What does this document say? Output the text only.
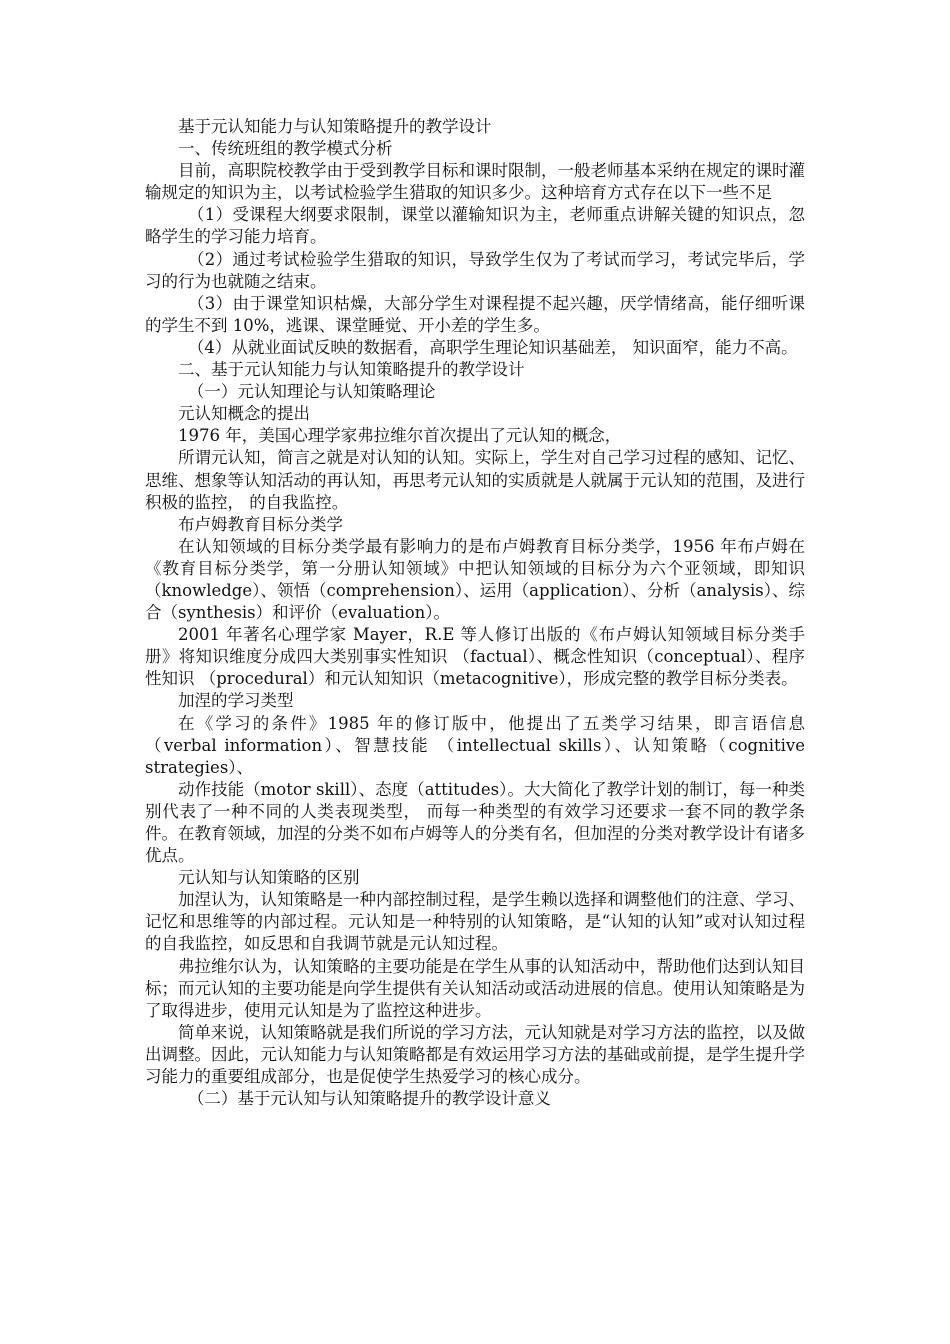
基于元认知能力与认知策略提升的教学设计

一、传统班组的教学模式分析

目前，高职院校教学由于受到教学目标和课时限制，一般老师基本采纳在规定的课时灌输规定的知识为主，以考试检验学生猎取的知识多少。这种培育方式存在以下一些不足

（1）受课程大纲要求限制，课堂以灌输知识为主，老师重点讲解关键的知识点，忽略学生的学习能力培育。

（2）通过考试检验学生猎取的知识，导致学生仅为了考试而学习，考试完毕后，学习的行为也就随之结束。

（3）由于课堂知识枯燥，大部分学生对课程提不起兴趣，厌学情绪高，能仔细听课的学生不到 10%，逃课、课堂睡觉、开小差的学生多。

（4）从就业面试反映的数据看，高职学生理论知识基础差， 知识面窄，能力不高。

二、基于元认知能力与认知策略提升的教学设计

（一）元认知理论与认知策略理论

元认知概念的提出

1976 年，美国心理学家弗拉维尔首次提出了元认知的概念，

所谓元认知，简言之就是对认知的认知。实际上，学生对自己学习过程的感知、记忆、思维、想象等认知活动的再认知，再思考元认知的实质就是人就属于元认知的范围，及进行积极的监控， 的自我监控。

布卢姆教育目标分类学

在认知领域的目标分类学最有影响力的是布卢姆教育目标分类学，1956 年布卢姆在《教育目标分类学，第一分册认知领域》中把认知领域的目标分为六个亚领域，即知识 （knowledge）、领悟（comprehension）、运用（application）、分析（analysis）、综合（synthesis）和评价（evaluation）。

2001 年著名心理学家 Mayer，R.E 等人修订出版的《布卢姆认知领域目标分类手册》将知识维度分成四大类别事实性知识 （factual）、概念性知识（conceptual）、程序性知识 （procedural）和元认知知识（metacognitive），形成完整的教学目标分类表。

加涅的学习类型

在《学习的条件》1985 年的修订版中，他提出了五类学习结果，即言语信息（verbal information）、智慧技能 （intellectual skills）、认知策略（cognitive strategies）、

动作技能（motor skill）、态度（attitudes）。大大简化了教学计划的制订，每一种类别代表了一种不同的人类表现类型， 而每一种类型的有效学习还要求一套不同的教学条件。在教育领域，加涅的分类不如布卢姆等人的分类有名，但加涅的分类对教学设计有诸多优点。

元认知与认知策略的区别

加涅认为，认知策略是一种内部控制过程，是学生赖以选择和调整他们的注意、学习、记忆和思维等的内部过程。元认知是一种特别的认知策略，是“认知的认知”或对认知过程的自我监控，如反思和自我调节就是元认知过程。

弗拉维尔认为，认知策略的主要功能是在学生从事的认知活动中，帮助他们达到认知目标；而元认知的主要功能是向学生提供有关认知活动或活动进展的信息。使用认知策略是为了取得进步，使用元认知是为了监控这种进步。

简单来说，认知策略就是我们所说的学习方法，元认知就是对学习方法的监控，以及做出调整。因此，元认知能力与认知策略都是有效运用学习方法的基础或前提，是学生提升学习能力的重要组成部分，也是促使学生热爱学习的核心成分。

（二）基于元认知与认知策略提升的教学设计意义
